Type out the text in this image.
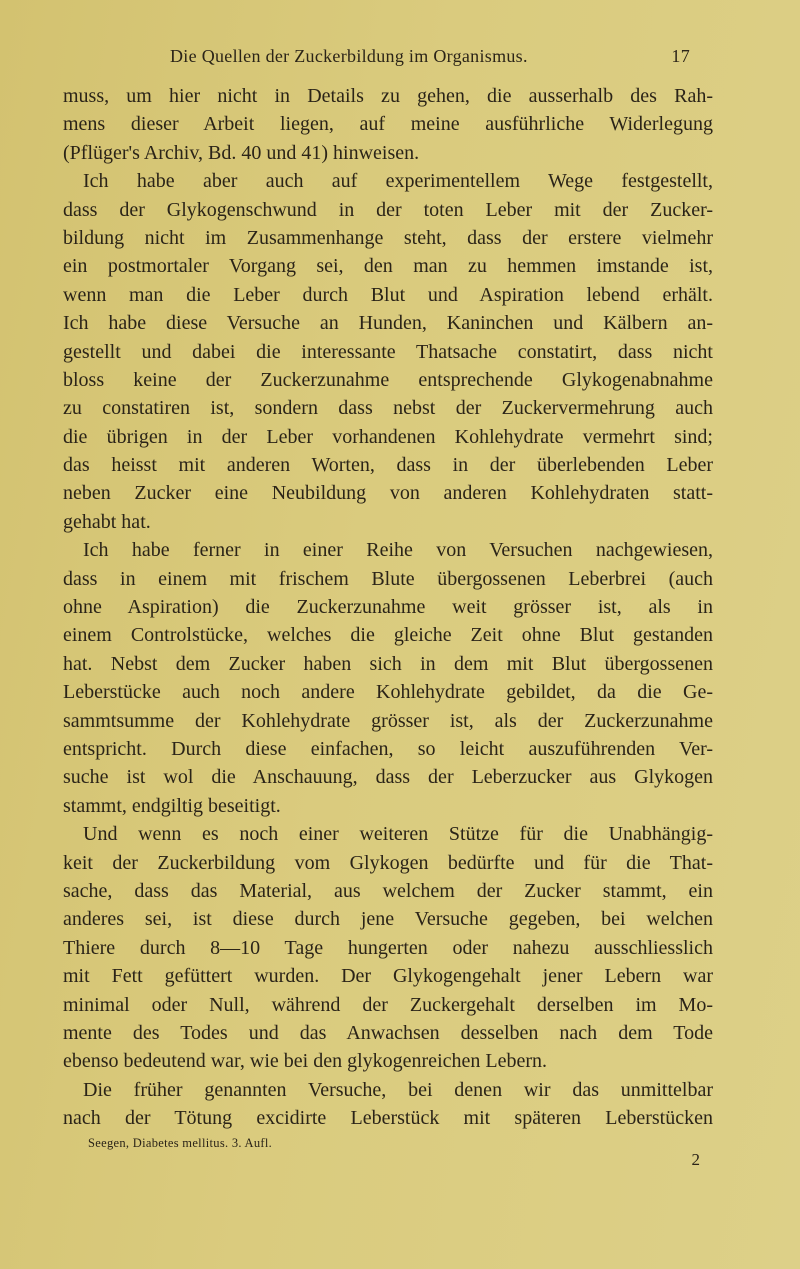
Die Quellen der Zuckerbildung im Organismus.	17
muss, um hier nicht in Details zu gehen, die ausserhalb des Rah-
mens dieser Arbeit liegen, auf meine ausführliche Widerlegung
(Pflüger's Archiv, Bd. 40 und 41) hinweisen.
Ich habe aber auch auf experimentellem Wege festgestellt,
dass der Glykogenschwund in der toten Leber mit der Zucker-
bildung nicht im Zusammenhange steht, dass der erstere vielmehr
ein postmortaler Vorgang sei, den man zu hemmen imstande ist,
wenn man die Leber durch Blut und Aspiration lebend erhält.
Ich habe diese Versuche an Hunden, Kaninchen und Kälbern an-
gestellt und dabei die interessante Thatsache constatirt, dass nicht
bloss keine der Zuckerzunahme entsprechende Glykogenabnahme
zu constatiren ist, sondern dass nebst der Zuckervermehrung auch
die übrigen in der Leber vorhandenen Kohlehydrate vermehrt sind;
das heisst mit anderen Worten, dass in der überlebenden Leber
neben Zucker eine Neubildung von anderen Kohlehydraten statt-
gehabt hat.
Ich habe ferner in einer Reihe von Versuchen nachgewiesen,
dass in einem mit frischem Blute übergossenen Leberbrei (auch
ohne Aspiration) die Zuckerzunahme weit grösser ist, als in
einem Controlstücke, welches die gleiche Zeit ohne Blut gestanden
hat. Nebst dem Zucker haben sich in dem mit Blut übergossenen
Leberstücke auch noch andere Kohlehydrate gebildet, da die Ge-
sammtsumme der Kohlehydrate grösser ist, als der Zuckerzunahme
entspricht. Durch diese einfachen, so leicht auszuführenden Ver-
suche ist wol die Anschauung, dass der Leberzucker aus Glykogen
stammt, endgiltig beseitigt.
Und wenn es noch einer weiteren Stütze für die Unabhängig-
keit der Zuckerbildung vom Glykogen bedürfte und für die That-
sache, dass das Material, aus welchem der Zucker stammt, ein
anderes sei, ist diese durch jene Versuche gegeben, bei welchen
Thiere durch 8—10 Tage hungerten oder nahezu ausschliesslich
mit Fett gefüttert wurden. Der Glykogengehalt jener Lebern war
minimal oder Null, während der Zuckergehalt derselben im Mo-
mente des Todes und das Anwachsen desselben nach dem Tode
ebenso bedeutend war, wie bei den glykogenreichen Lebern.
Die früher genannten Versuche, bei denen wir das unmittelbar
nach der Tötung excidirte Leberstück mit späteren Leberstücken
Seegen, Diabetes mellitus. 3. Aufl.
2
